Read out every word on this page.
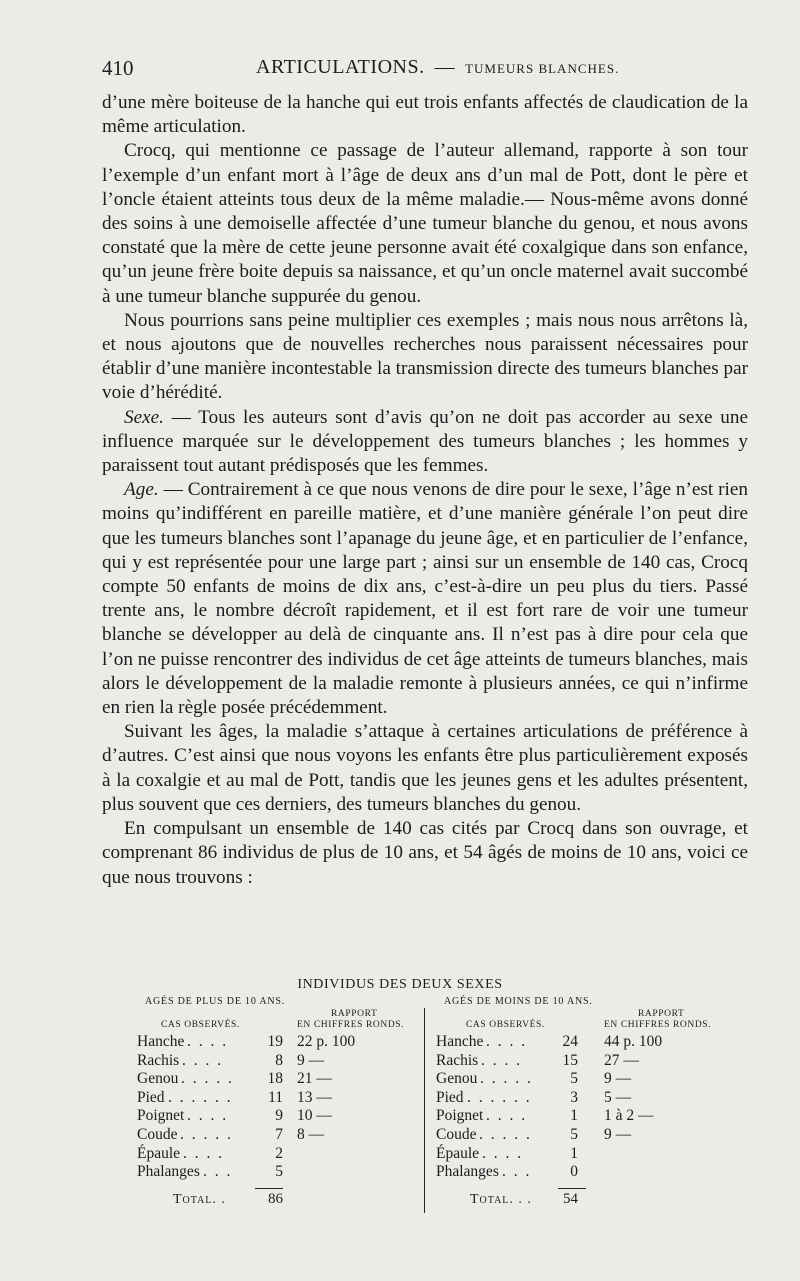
410	ARTICULATIONS. — TUMEURS BLANCHES.

d’une mère boiteuse de la hanche qui eut trois enfants affectés de claudication de la même articulation.

Crocq, qui mentionne ce passage de l’auteur allemand, rapporte à son tour l’exemple d’un enfant mort à l’âge de deux ans d’un mal de Pott, dont le père et l’oncle étaient atteints tous deux de la même maladie.— Nous-même avons donné des soins à une demoiselle affectée d’une tumeur blanche du genou, et nous avons constaté que la mère de cette jeune personne avait été coxalgique dans son enfance, qu’un jeune frère boite depuis sa naissance, et qu’un oncle maternel avait succombé à une tumeur blanche suppurée du genou.

Nous pourrions sans peine multiplier ces exemples ; mais nous nous arrêtons là, et nous ajoutons que de nouvelles recherches nous paraissent nécessaires pour établir d’une manière incontestable la transmission directe des tumeurs blanches par voie d’hérédité.

Sexe. — Tous les auteurs sont d’avis qu’on ne doit pas accorder au sexe une influence marquée sur le développement des tumeurs blanches ; les hommes y paraissent tout autant prédisposés que les femmes.

Age. — Contrairement à ce que nous venons de dire pour le sexe, l’âge n’est rien moins qu’indifférent en pareille matière, et d’une manière générale l’on peut dire que les tumeurs blanches sont l’apanage du jeune âge, et en particulier de l’enfance, qui y est représentée pour une large part ; ainsi sur un ensemble de 140 cas, Crocq compte 50 enfants de moins de dix ans, c’est-à-dire un peu plus du tiers. Passé trente ans, le nombre décroît rapidement, et il est fort rare de voir une tumeur blanche se développer au delà de cinquante ans. Il n’est pas à dire pour cela que l’on ne puisse rencontrer des individus de cet âge atteints de tumeurs blanches, mais alors le développement de la maladie remonte à plusieurs années, ce qui n’infirme en rien la règle posée précédemment.

Suivant les âges, la maladie s’attaque à certaines articulations de préférence à d’autres. C’est ainsi que nous voyons les enfants être plus particulièrement exposés à la coxalgie et au mal de Pott, tandis que les jeunes gens et les adultes présentent, plus souvent que ces derniers, des tumeurs blanches du genou.

En compulsant un ensemble de 140 cas cités par Crocq dans son ouvrage, et comprenant 86 individus de plus de 10 ans, et 54 âgés de moins de 10 ans, voici ce que nous trouvons :

INDIVIDUS DES DEUX SEXES
AGÉS DE PLUS DE 10 ANS.
CAS OBSERVÉS.
RAPPORT
EN CHIFFRES RONDS.
Hanche . . . .	19 22 p. 100
Rachis . . . .	8 9 —
Genou . . . . .	18 21 —
Pied . . . . . .	11 13 —
Poignet . . . .	9 10 —
Coude . . . . .	7 8 —
Épaule . . . .	2
Phalanges . . .	5
Total. .	86
AGÉS DE MOINS DE 10 ANS.
CAS OBSERVÉS.
RAPPORT
EN CHIFFRES RONDS.
Hanche . . . .	24 44 p. 100
Rachis . . . .	15 27 —
Genou . . . . .	5 9 —
Pied . . . . . .	3 5 —
Poignet . . . .	1 1 à 2 —
Coude . . . . .	5 9 —
Épaule . . . .	1
Phalanges . . .	0
Total. . .	54
